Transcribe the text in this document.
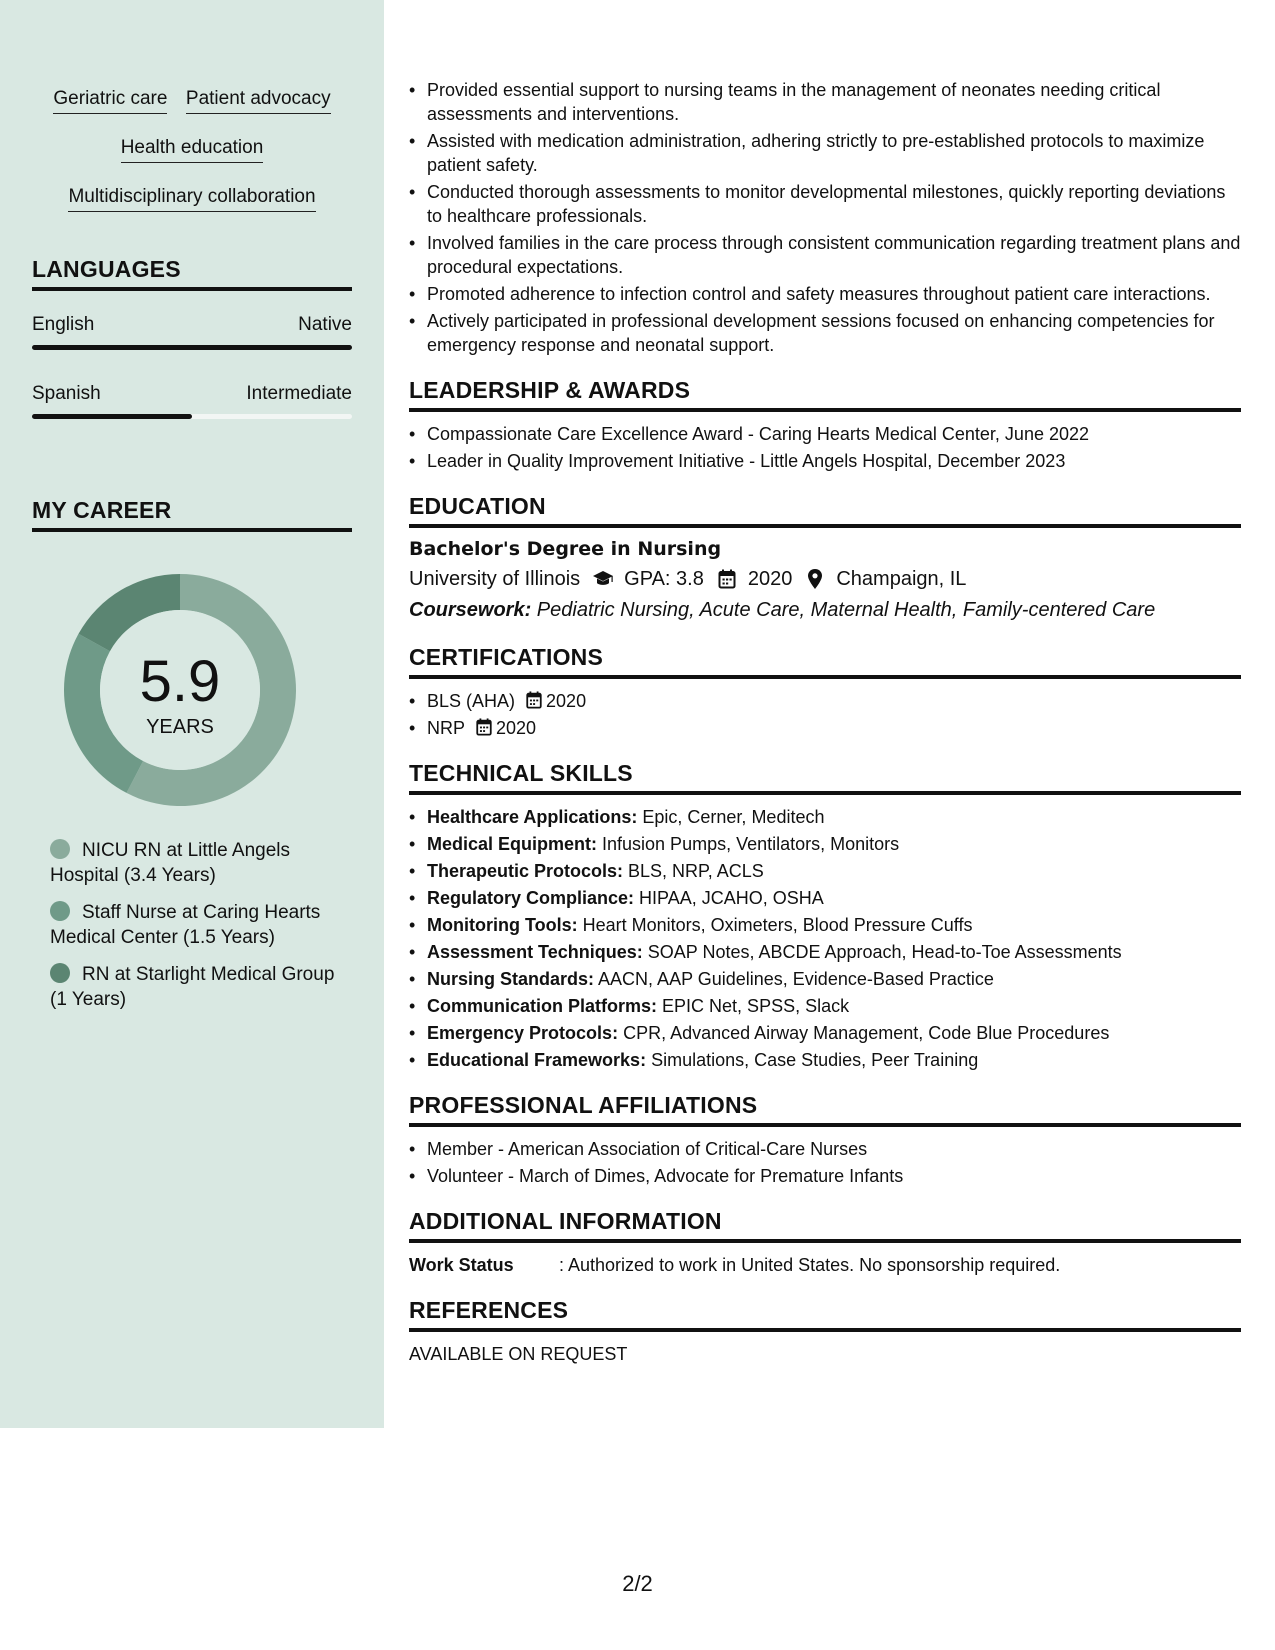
Geriatric care Patient advocacy
Health education
Multidisciplinary collaboration
LANGUAGES
English	Native
Spanish	Intermediate
MY CAREER
5.9
YEARS
NICU RN at Little Angels Hospital (3.4 Years)
Staff Nurse at Caring Hearts Medical Center (1.5 Years)
RN at Starlight Medical Group (1 Years)
• Provided essential support to nursing teams in the management of neonates needing critical assessments and interventions.
• Assisted with medication administration, adhering strictly to pre-established protocols to maximize patient safety.
• Conducted thorough assessments to monitor developmental milestones, quickly reporting deviations to healthcare professionals.
• Involved families in the care process through consistent communication regarding treatment plans and procedural expectations.
• Promoted adherence to infection control and safety measures throughout patient care interactions.
• Actively participated in professional development sessions focused on enhancing competencies for emergency response and neonatal support.
LEADERSHIP & AWARDS
• Compassionate Care Excellence Award - Caring Hearts Medical Center, June 2022
• Leader in Quality Improvement Initiative - Little Angels Hospital, December 2023
EDUCATION
Bachelor's Degree in Nursing
University of Illinois GPA: 3.8 2020 Champaign, IL
Coursework: Pediatric Nursing, Acute Care, Maternal Health, Family-centered Care
CERTIFICATIONS
• BLS (AHA) 2020
• NRP 2020
TECHNICAL SKILLS
• Healthcare Applications: Epic, Cerner, Meditech
• Medical Equipment: Infusion Pumps, Ventilators, Monitors
• Therapeutic Protocols: BLS, NRP, ACLS
• Regulatory Compliance: HIPAA, JCAHO, OSHA
• Monitoring Tools: Heart Monitors, Oximeters, Blood Pressure Cuffs
• Assessment Techniques: SOAP Notes, ABCDE Approach, Head-to-Toe Assessments
• Nursing Standards: AACN, AAP Guidelines, Evidence-Based Practice
• Communication Platforms: EPIC Net, SPSS, Slack
• Emergency Protocols: CPR, Advanced Airway Management, Code Blue Procedures
• Educational Frameworks: Simulations, Case Studies, Peer Training
PROFESSIONAL AFFILIATIONS
• Member - American Association of Critical-Care Nurses
• Volunteer - March of Dimes, Advocate for Premature Infants
ADDITIONAL INFORMATION
Work Status	: Authorized to work in United States. No sponsorship required.
REFERENCES
AVAILABLE ON REQUEST
2/2
